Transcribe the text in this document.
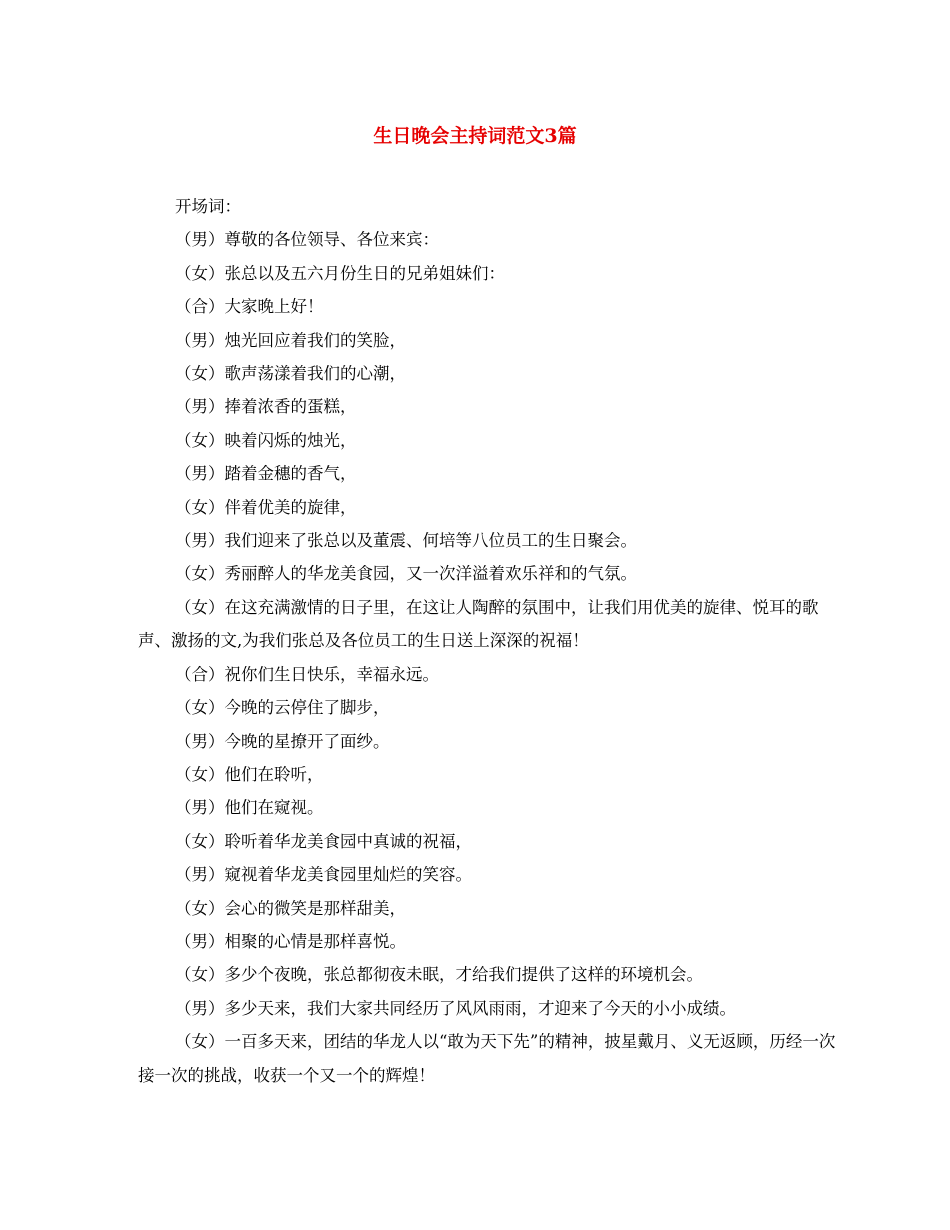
生日晚会主持词范文3篇

开场词：

（男）尊敬的各位领导、各位来宾：

（女）张总以及五六月份生日的兄弟姐妹们：

（合）大家晚上好！

（男）烛光回应着我们的笑脸，

（女）歌声荡漾着我们的心潮，

（男）捧着浓香的蛋糕，

（女）映着闪烁的烛光，

（男）踏着金穗的香气，

（女）伴着优美的旋律，

（男）我们迎来了张总以及董震、何培等八位员工的生日聚会。

（女）秀丽醉人的华龙美食园，又一次洋溢着欢乐祥和的气氛。

（女）在这充满激情的日子里，在这让人陶醉的氛围中，让我们用优美的旋律、悦耳的歌声、激扬的文,为我们张总及各位员工的生日送上深深的祝福！

（合）祝你们生日快乐，幸福永远。

（女）今晚的云停住了脚步，

（男）今晚的星撩开了面纱。

（女）他们在聆听，

（男）他们在窥视。

（女）聆听着华龙美食园中真诚的祝福，

（男）窥视着华龙美食园里灿烂的笑容。

（女）会心的微笑是那样甜美，

（男）相聚的心情是那样喜悦。

（女）多少个夜晚，张总都彻夜未眠，才给我们提供了这样的环境机会。

（男）多少天来，我们大家共同经历了风风雨雨，才迎来了今天的小小成绩。

（女）一百多天来，团结的华龙人以“敢为天下先”的精神，披星戴月、义无返顾，历经一次接一次的挑战，收获一个又一个的辉煌！
